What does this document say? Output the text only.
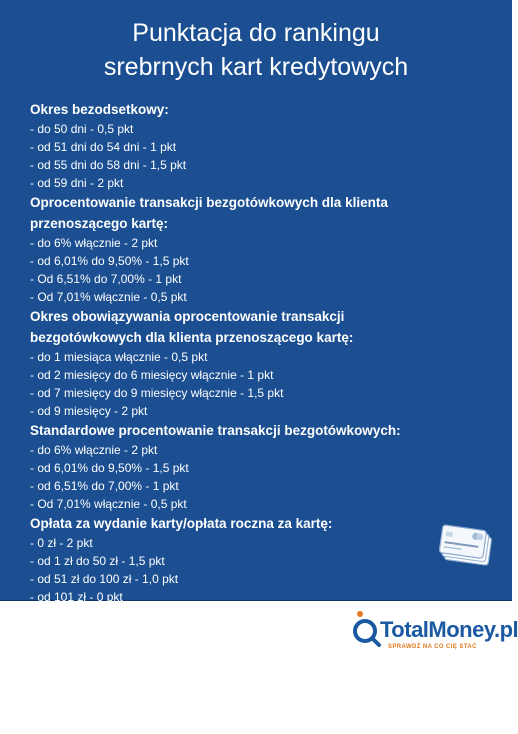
Punktacja do rankingu
srebrnych kart kredytowych

Okres bezodsetkowy:

- do 50 dni - 0,5 pkt

- od 51 dni do 54 dni - 1 pkt

- od 55 dni do 58 dni - 1,5 pkt

- od 59 dni - 2 pkt

Oprocentowanie transakcji bezgotówkowych dla klienta

przenoszącego kartę:

- do 6% włącznie - 2 pkt

- od 6,01% do 9,50% - 1,5 pkt

- Od 6,51% do 7,00% - 1 pkt

- Od 7,01% włącznie - 0,5 pkt

Okres obowiązywania oprocentowanie transakcji

bezgotówkowych dla klienta przenoszącego kartę:

- do 1 miesiąca włącznie - 0,5 pkt

- od 2 miesięcy do 6 miesięcy włącznie - 1 pkt

- od 7 miesięcy do 9 miesięcy włącznie - 1,5 pkt

- od 9 miesięcy - 2 pkt

Standardowe procentowanie transakcji bezgotówkowych:

- do 6% włącznie - 2 pkt

- od 6,01% do 9,50% - 1,5 pkt

- od 6,51% do 7,00% - 1 pkt

- Od 7,01% włącznie - 0,5 pkt

Opłata za wydanie karty/opłata roczna za kartę:

- 0 zł - 2 pkt

- od 1 zł do 50 zł - 1,5 pkt

- od 51 zł do 100 zł - 1,0 pkt

- od 101 zł - 0 pkt

TotalMoney.pl
SPRAWDŹ NA CO CIĘ STAĆ
